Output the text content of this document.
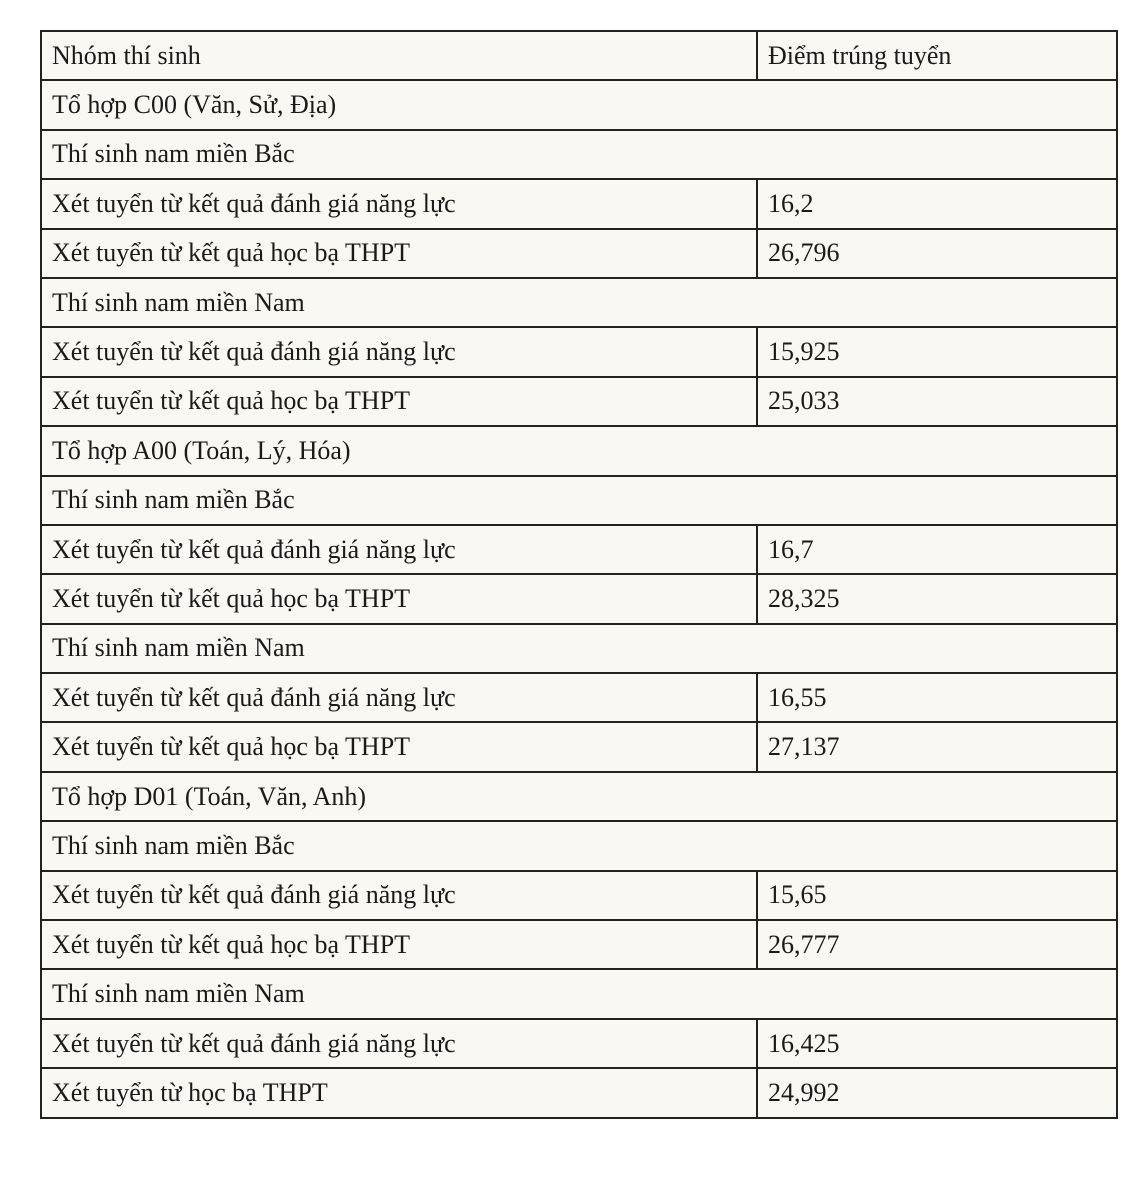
Nhóm thí sinh	Điểm trúng tuyển
Tổ hợp C00 (Văn, Sử, Địa)	
Thí sinh nam miền Bắc	
Xét tuyển từ kết quả đánh giá năng lực	16,2
Xét tuyển từ kết quả học bạ THPT	26,796
Thí sinh nam miền Nam	
Xét tuyển từ kết quả đánh giá năng lực	15,925
Xét tuyển từ kết quả học bạ THPT	25,033
Tổ hợp A00 (Toán, Lý, Hóa)	
Thí sinh nam miền Bắc	
Xét tuyển từ kết quả đánh giá năng lực	16,7
Xét tuyển từ kết quả học bạ THPT	28,325
Thí sinh nam miền Nam	
Xét tuyển từ kết quả đánh giá năng lực	16,55
Xét tuyển từ kết quả học bạ THPT	27,137
Tổ hợp D01 (Toán, Văn, Anh)	
Thí sinh nam miền Bắc	
Xét tuyển từ kết quả đánh giá năng lực	15,65
Xét tuyển từ kết quả học bạ THPT	26,777
Thí sinh nam miền Nam	
Xét tuyển từ kết quả đánh giá năng lực	16,425
Xét tuyển từ học bạ THPT	24,992
